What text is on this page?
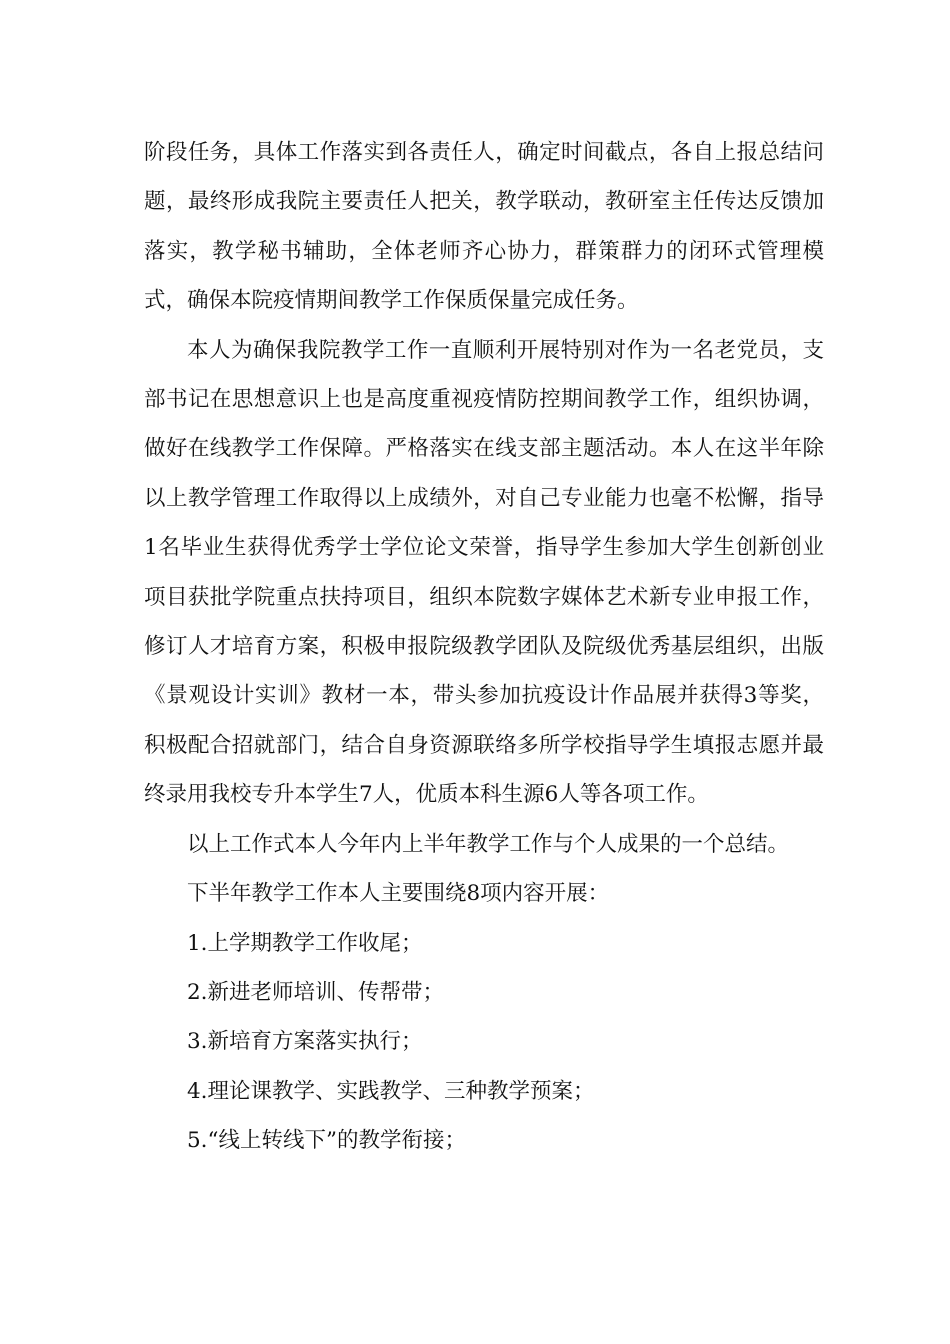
阶段任务，具体工作落实到各责任人，确定时间截点，各自上报总结问题，最终形成我院主要责任人把关，教学联动，教研室主任传达反馈加落实，教学秘书辅助，全体老师齐心协力，群策群力的闭环式管理模式，确保本院疫情期间教学工作保质保量完成任务。

本人为确保我院教学工作一直顺利开展特别对作为一名老党员，支部书记在思想意识上也是高度重视疫情防控期间教学工作，组织协调，做好在线教学工作保障。严格落实在线支部主题活动。本人在这半年除以上教学管理工作取得以上成绩外，对自己专业能力也毫不松懈，指导1名毕业生获得优秀学士学位论文荣誉，指导学生参加大学生创新创业项目获批学院重点扶持项目，组织本院数字媒体艺术新专业申报工作，修订人才培育方案，积极申报院级教学团队及院级优秀基层组织，出版《景观设计实训》教材一本，带头参加抗疫设计作品展并获得3等奖，积极配合招就部门，结合自身资源联络多所学校指导学生填报志愿并最终录用我校专升本学生7人，优质本科生源6人等各项工作。

以上工作式本人今年内上半年教学工作与个人成果的一个总结。

下半年教学工作本人主要围绕8项内容开展：

1.上学期教学工作收尾；

2.新进老师培训、传帮带；

3.新培育方案落实执行；

4.理论课教学、实践教学、三种教学预案；

5.“线上转线下”的教学衔接；
